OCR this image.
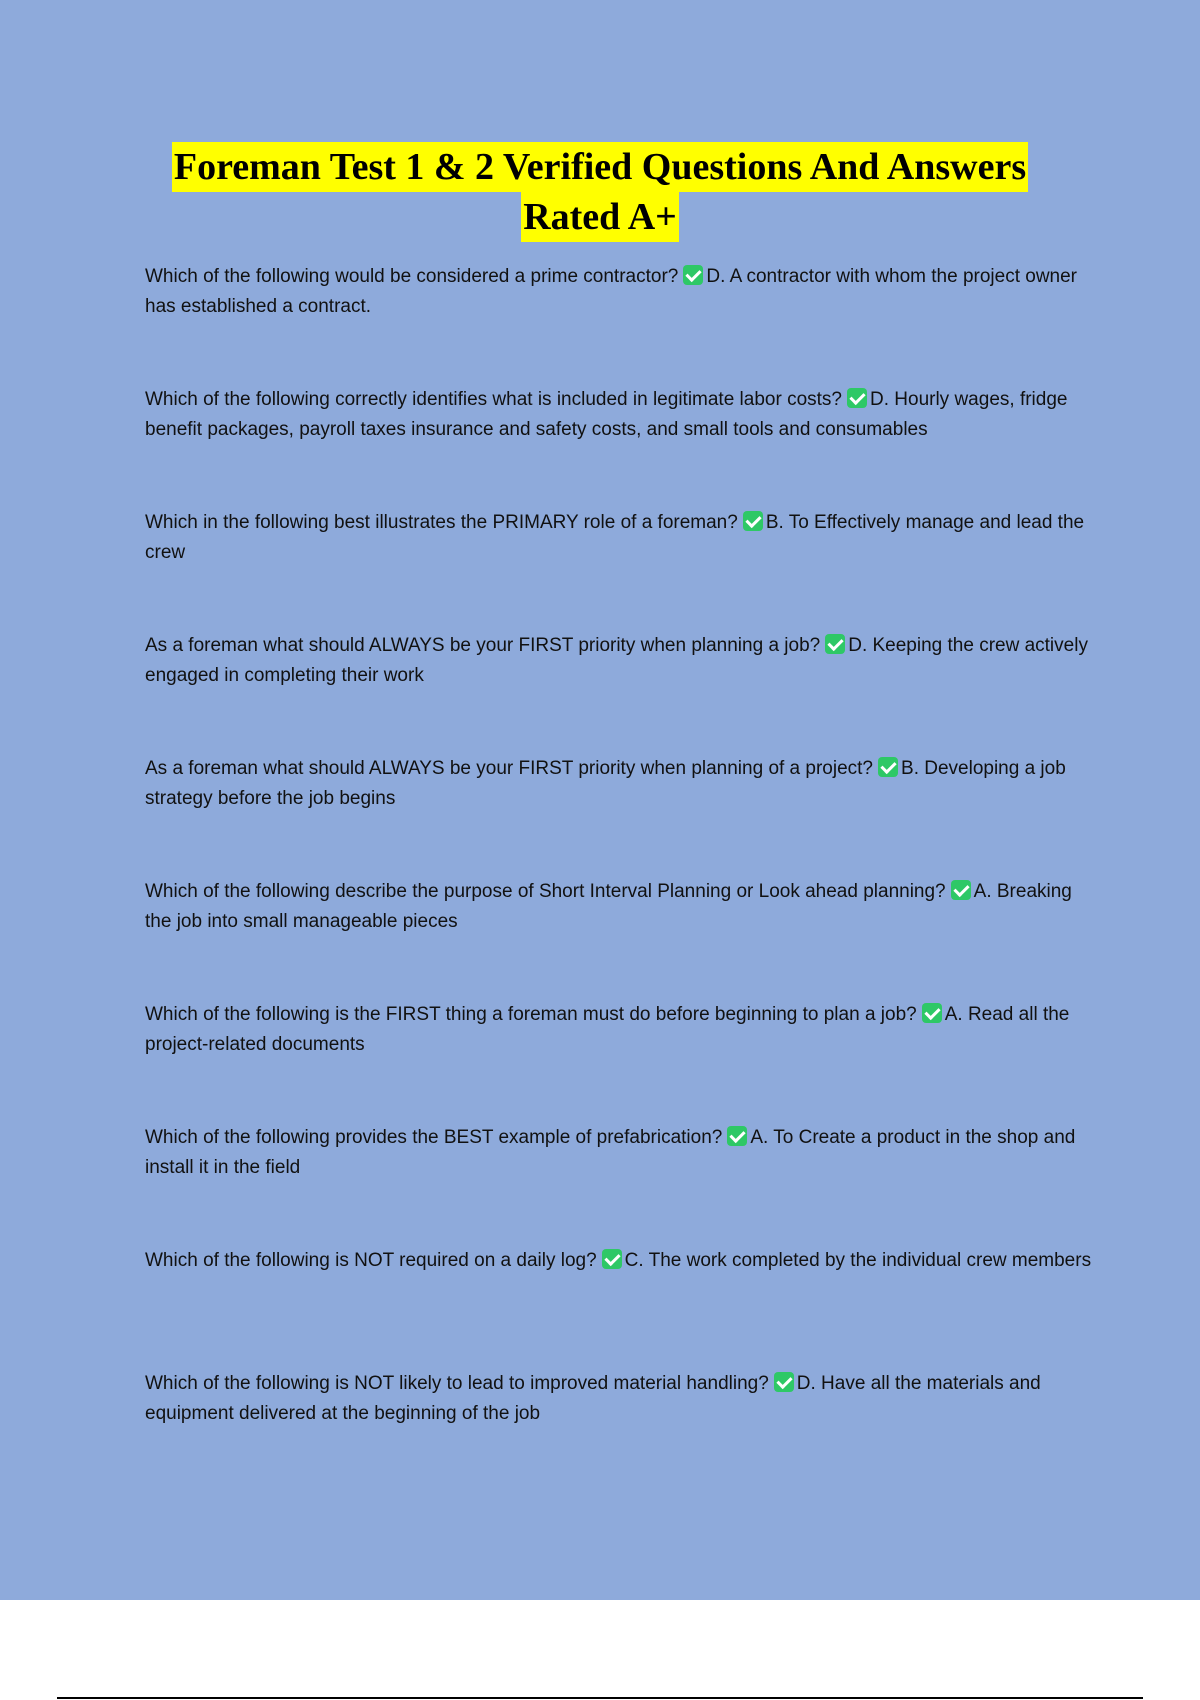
Foreman Test 1 & 2 Verified Questions And Answers
Rated A+
Which of the following would be considered a prime contractor? D. A contractor with whom the project owner has established a contract.
Which of the following correctly identifies what is included in legitimate labor costs? D. Hourly wages, fridge benefit packages, payroll taxes insurance and safety costs, and small tools and consumables
Which in the following best illustrates the PRIMARY role of a foreman? B. To Effectively manage and lead the crew
As a foreman what should ALWAYS be your FIRST priority when planning a job? D. Keeping the crew actively engaged in completing their work
As a foreman what should ALWAYS be your FIRST priority when planning of a project? B. Developing a job strategy before the job begins
Which of the following describe the purpose of Short Interval Planning or Look ahead planning? A. Breaking the job into small manageable pieces
Which of the following is the FIRST thing a foreman must do before beginning to plan a job? A. Read all the project-related documents
Which of the following provides the BEST example of prefabrication? A. To Create a product in the shop and install it in the field
Which of the following is NOT required on a daily log? C. The work completed by the individual crew members
Which of the following is NOT likely to lead to improved material handling? D. Have all the materials and equipment delivered at the beginning of the job
